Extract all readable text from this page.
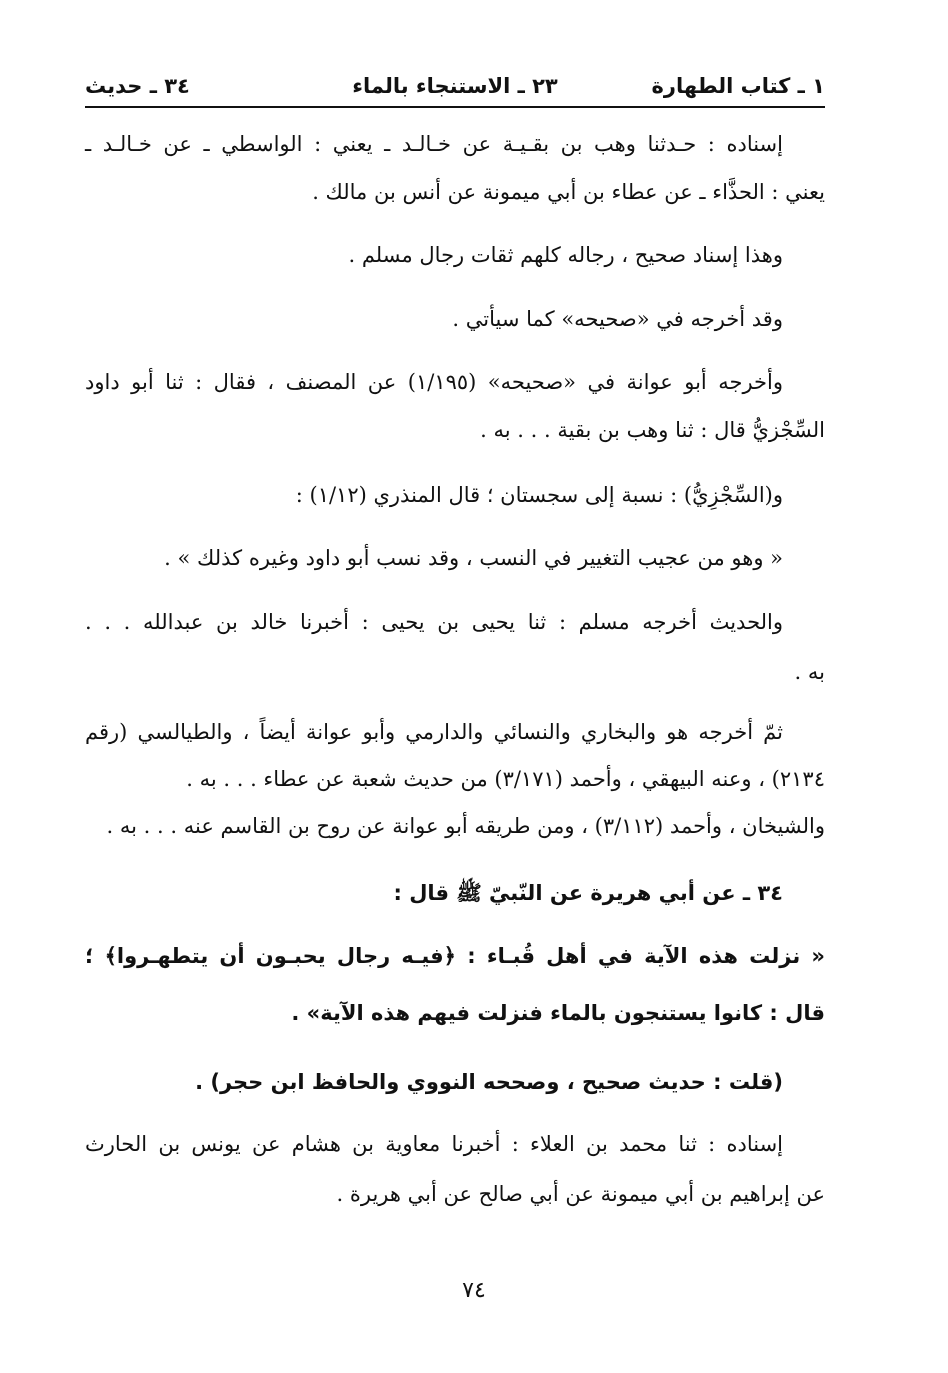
١ ـ كتاب الطهارة
٢٣ ـ الاستنجاء بالماء
٣٤ ـ حديث
إسناده : حـدثنا وهب بن بقـيـة عن خـالـد ـ يعني : الواسطي ـ عن خـالـد ـ
يعني : الحذَّاء ـ عن عطاء بن أبي ميمونة عن أنس بن مالك .
وهذا إسناد صحيح ، رجاله كلهم ثقات رجال مسلم .
وقد أخرجه في «صحيحه» كما سيأتي .
وأخرجه أبو عوانة في «صحيحه» (١/١٩٥) عن المصنف ، فقال : ثنا أبو داود
السِّجْزيُّ قال : ثنا وهب بن بقية . . . به .
و(السِّجْزِيُّ) : نسبة إلى سجستان ؛ قال المنذري (١/١٢) :
« وهو من عجيب التغيير في النسب ، وقد نسب أبو داود وغيره كذلك » .
والحديث أخرجه مسلم : ثنا يحيى بن يحيى : أخبرنا خالد بن عبدالله . . .
به .
ثمّ أخرجه هو والبخاري والنسائي والدارمي وأبو عوانة أيضاً ، والطيالسي (رقم
٢١٣٤) ، وعنه البيهقي ، وأحمد (٣/١٧١) من حديث شعبة عن عطاء . . . به .
والشيخان ، وأحمد (٣/١١٢) ، ومن طريقه أبو عوانة عن روح بن القاسم عنه . . . به .
٣٤ ـ عن أبي هريرة عن النّبيّ ﷺ قال :
« نزلت هذه الآية في أهل قُبـاء : ﴿فيـه رجال يحبـون أن يتطهـروا﴾ ؛
قال : كانوا يستنجون بالماء فنزلت فيهم هذه الآية» .
(قلت : حديث صحيح ، وصححه النووي والحافظ ابن حجر) .
إسناده : ثنا محمد بن العلاء : أخبرنا معاوية بن هشام عن يونس بن الحارث
عن إبراهيم بن أبي ميمونة عن أبي صالح عن أبي هريرة .
٧٤
